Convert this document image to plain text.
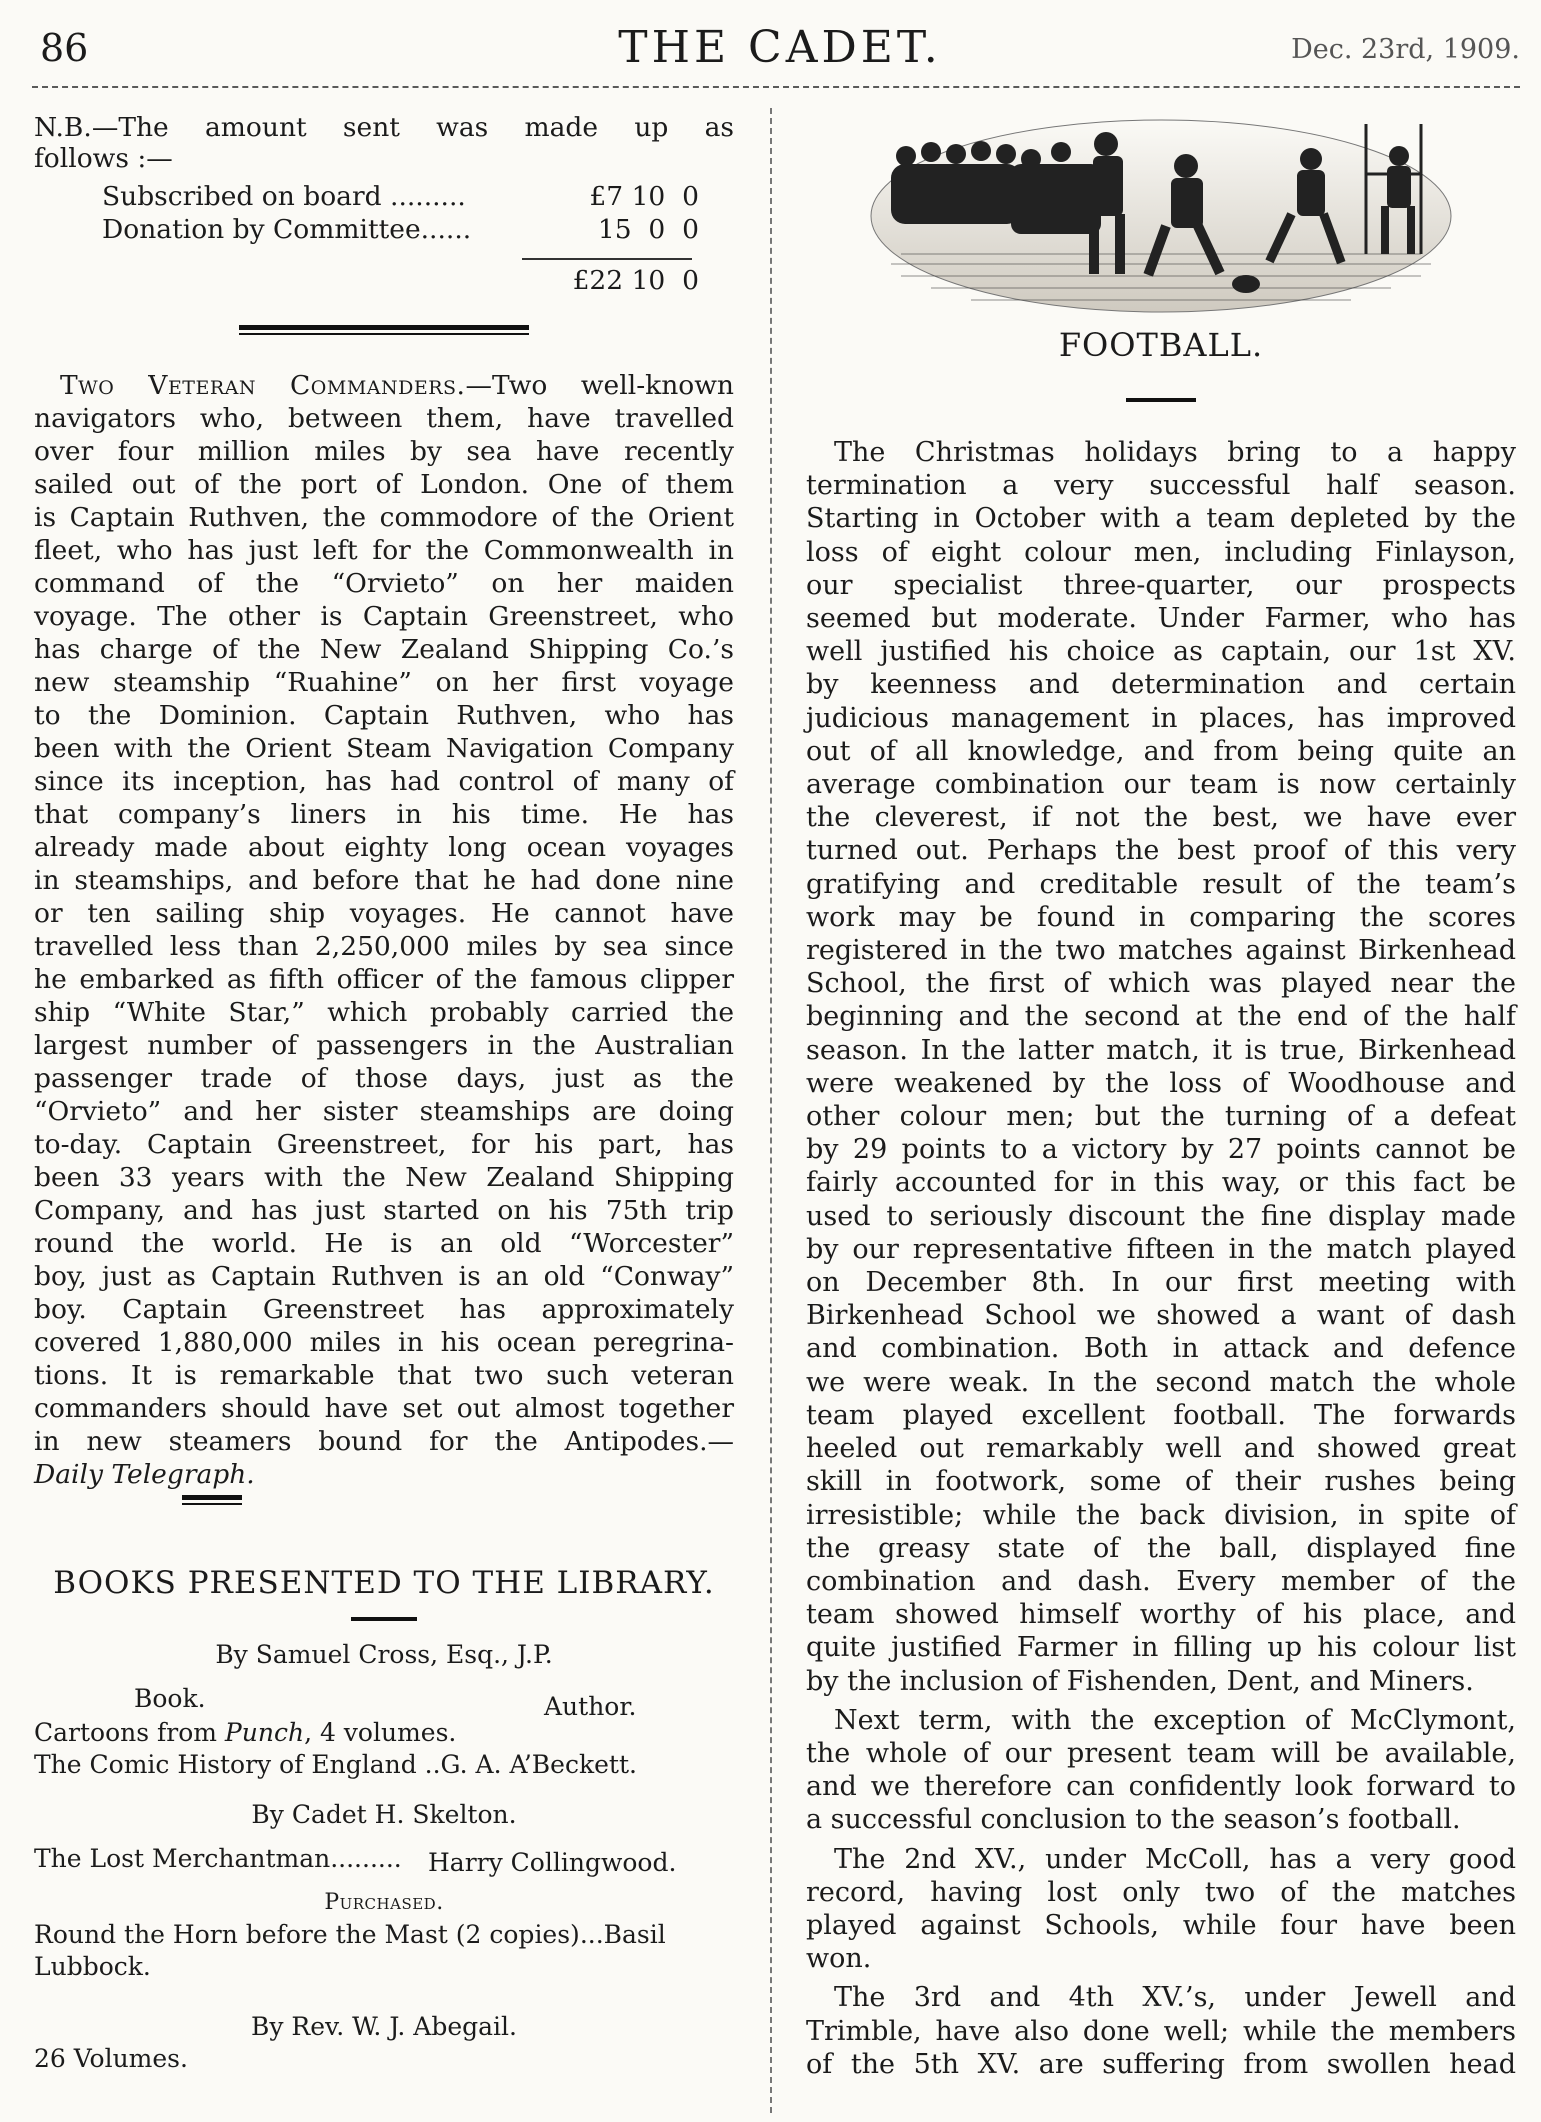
86	THE CADET.	Dec. 23rd, 1909.

N.B.—The amount sent was made up as

follows :—

Subscribed on board .........	£7 10  0
Donation by Committee......	15  0  0
£22 10  0

Two Veteran Commanders.—Two well-known

navigators who, between them, have travelled

over four million miles by sea have recently

sailed out of the port of London. One of them

is Captain Ruthven, the commodore of the Orient

fleet, who has just left for the Commonwealth in

command of the “Orvieto” on her maiden

voyage. The other is Captain Greenstreet, who

has charge of the New Zealand Shipping Co.’s

new steamship “Ruahine” on her first voyage

to the Dominion. Captain Ruthven, who has

been with the Orient Steam Navigation Company

since its inception, has had control of many of

that company’s liners in his time. He has

already made about eighty long ocean voyages

in steamships, and before that he had done nine

or ten sailing ship voyages. He cannot have

travelled less than 2,250,000 miles by sea since

he embarked as fifth officer of the famous clipper

ship “White Star,” which probably carried the

largest number of passengers in the Australian

passenger trade of those days, just as the

“Orvieto” and her sister steamships are doing

to-day. Captain Greenstreet, for his part, has

been 33 years with the New Zealand Shipping

Company, and has just started on his 75th trip

round the world. He is an old “Worcester”

boy, just as Captain Ruthven is an old “Conway”

boy. Captain Greenstreet has approximately

covered 1,880,000 miles in his ocean peregrina-

tions. It is remarkable that two such veteran

commanders should have set out almost together

in new steamers bound for the Antipodes.—

Daily Telegraph.
BOOKS PRESENTED TO THE LIBRARY.
By Samuel Cross, Esq., J.P.
Book.	Author.
Cartoons from Punch, 4 volumes.
The Comic History of England ..G. A. A’Beckett.
By Cadet H. Skelton.
The Lost Merchantman......... Harry Collingwood.
Purchased.
Round the Horn before the Mast (2 copies)...Basil Lubbock.
By Rev. W. J. Abegail.
26 Volumes.
FOOTBALL.

The Christmas holidays bring to a happy

termination a very successful half season.

Starting in October with a team depleted by the

loss of eight colour men, including Finlayson,

our specialist three-quarter, our prospects

seemed but moderate. Under Farmer, who has

well justified his choice as captain, our 1st XV.

by keenness and determination and certain

judicious management in places, has improved

out of all knowledge, and from being quite an

average combination our team is now certainly

the cleverest, if not the best, we have ever

turned out. Perhaps the best proof of this very

gratifying and creditable result of the team’s

work may be found in comparing the scores

registered in the two matches against Birkenhead

School, the first of which was played near the

beginning and the second at the end of the half

season. In the latter match, it is true, Birkenhead

were weakened by the loss of Woodhouse and

other colour men; but the turning of a defeat

by 29 points to a victory by 27 points cannot be

fairly accounted for in this way, or this fact be

used to seriously discount the fine display made

by our representative fifteen in the match played

on December 8th. In our first meeting with

Birkenhead School we showed a want of dash

and combination. Both in attack and defence

we were weak. In the second match the whole

team played excellent football. The forwards

heeled out remarkably well and showed great

skill in footwork, some of their rushes being

irresistible; while the back division, in spite of

the greasy state of the ball, displayed fine

combination and dash. Every member of the

team showed himself worthy of his place, and

quite justified Farmer in filling up his colour list

by the inclusion of Fishenden, Dent, and Miners.

Next term, with the exception of McClymont,

the whole of our present team will be available,

and we therefore can confidently look forward to

a successful conclusion to the season’s football.

The 2nd XV., under McColl, has a very good

record, having lost only two of the matches

played against Schools, while four have been

won.

The 3rd and 4th XV.’s, under Jewell and

Trimble, have also done well; while the members

of the 5th XV. are suffering from swollen head
